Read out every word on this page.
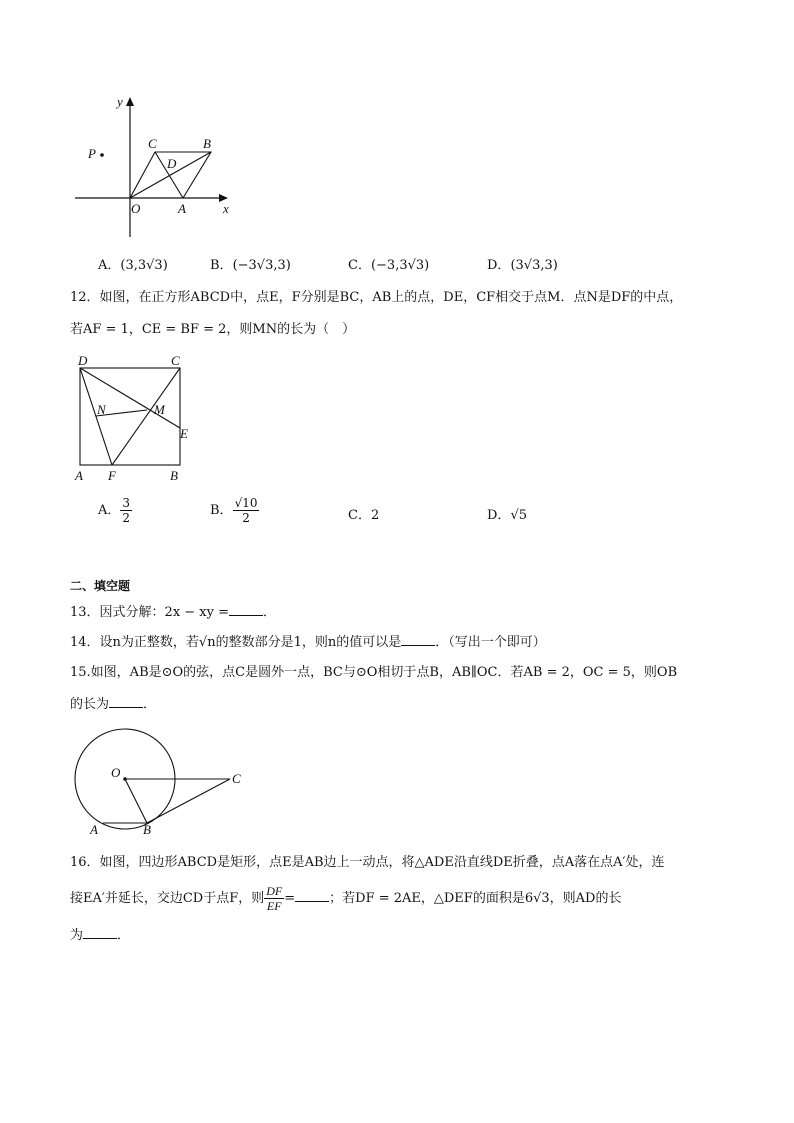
y
x
P
C	B
D
O	A
A．(3,3√3)	B．(−3√3,3)	C．(−3,3√3)	D．(3√3,3)
12．如图，在正方形ABCD中，点E，F分别是BC，AB上的点，DE，CF相交于点M．点N是DF的中点，
若AF = 1，CE = BF = 2，则MN的长为（　）
D	C
N	M
E
A F	B
A． $\frac{3}{2}$	B． $\frac{√10}{2}$	C．2	D．√5
二、填空题
13．因式分解：2x − xy =	．
14．设n为正整数，若√n的整数部分是1，则n的值可以是	．（写出一个即可）
15.如图，AB是⊙O的弦，点C是圆外一点，BC与⊙O相切于点B，AB∥OC．若AB = 2，OC = 5，则OB
的长为	．
O	C
A	B
16．如图，四边形ABCD是矩形，点E是AB边上一动点，将△ADE沿直线DE折叠，点A落在点A′处，连
接EA′并延长，交边CD于点F，则 $\frac{DF}{EF}$ =	；若DF = 2AE，△DEF的面积是6√3，则AD的长
为	．
